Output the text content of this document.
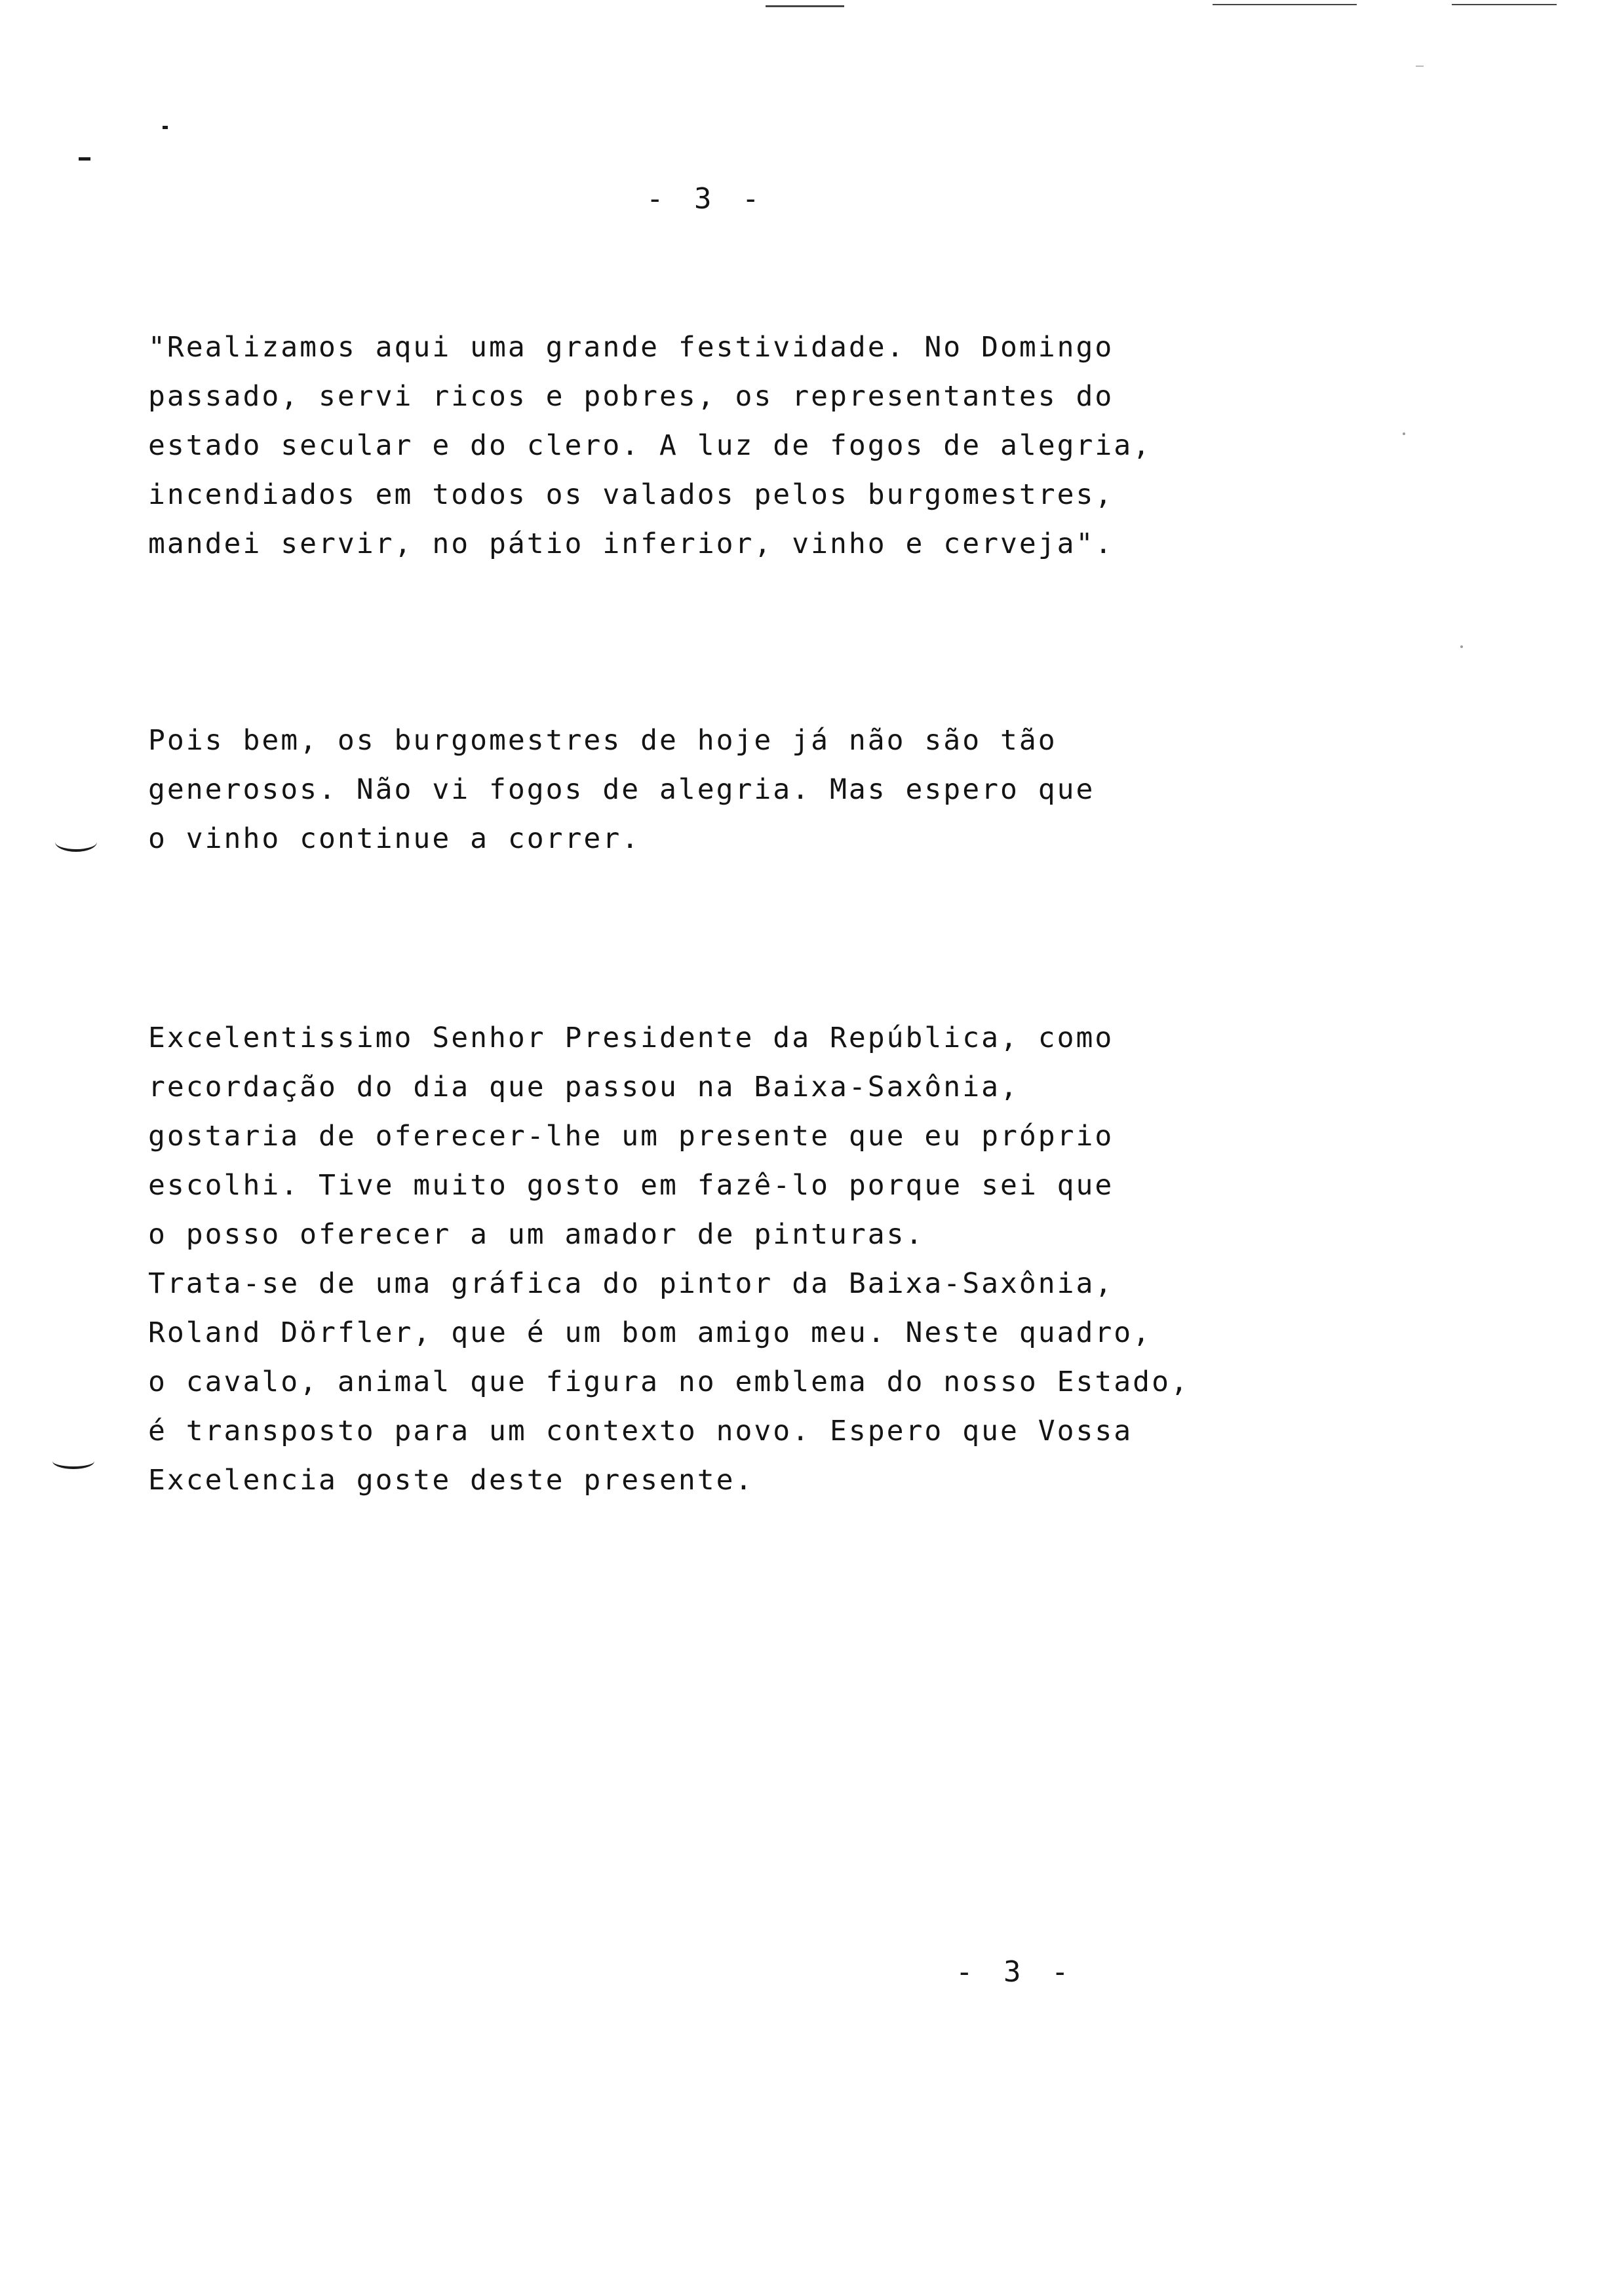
- 3 -
"Realizamos aqui uma grande festividade. No Domingo
passado, servi ricos e pobres, os representantes do
estado secular e do clero. A luz de fogos de alegria,
incendiados em todos os valados pelos burgomestres,
mandei servir, no pátio inferior, vinho e cerveja".
Pois bem, os burgomestres de hoje já não são tão
generosos. Não vi fogos de alegria. Mas espero que
o vinho continue a correr.
Excelentissimo Senhor Presidente da República, como
recordação do dia que passou na Baixa-Saxônia,
gostaria de oferecer-lhe um presente que eu próprio
escolhi. Tive muito gosto em fazê-lo porque sei que
o posso oferecer a um amador de pinturas.
Trata-se de uma gráfica do pintor da Baixa-Saxônia,
Roland Dörfler, que é um bom amigo meu. Neste quadro,
o cavalo, animal que figura no emblema do nosso Estado,
é transposto para um contexto novo. Espero que Vossa
Excelencia goste deste presente.
- 3 -
